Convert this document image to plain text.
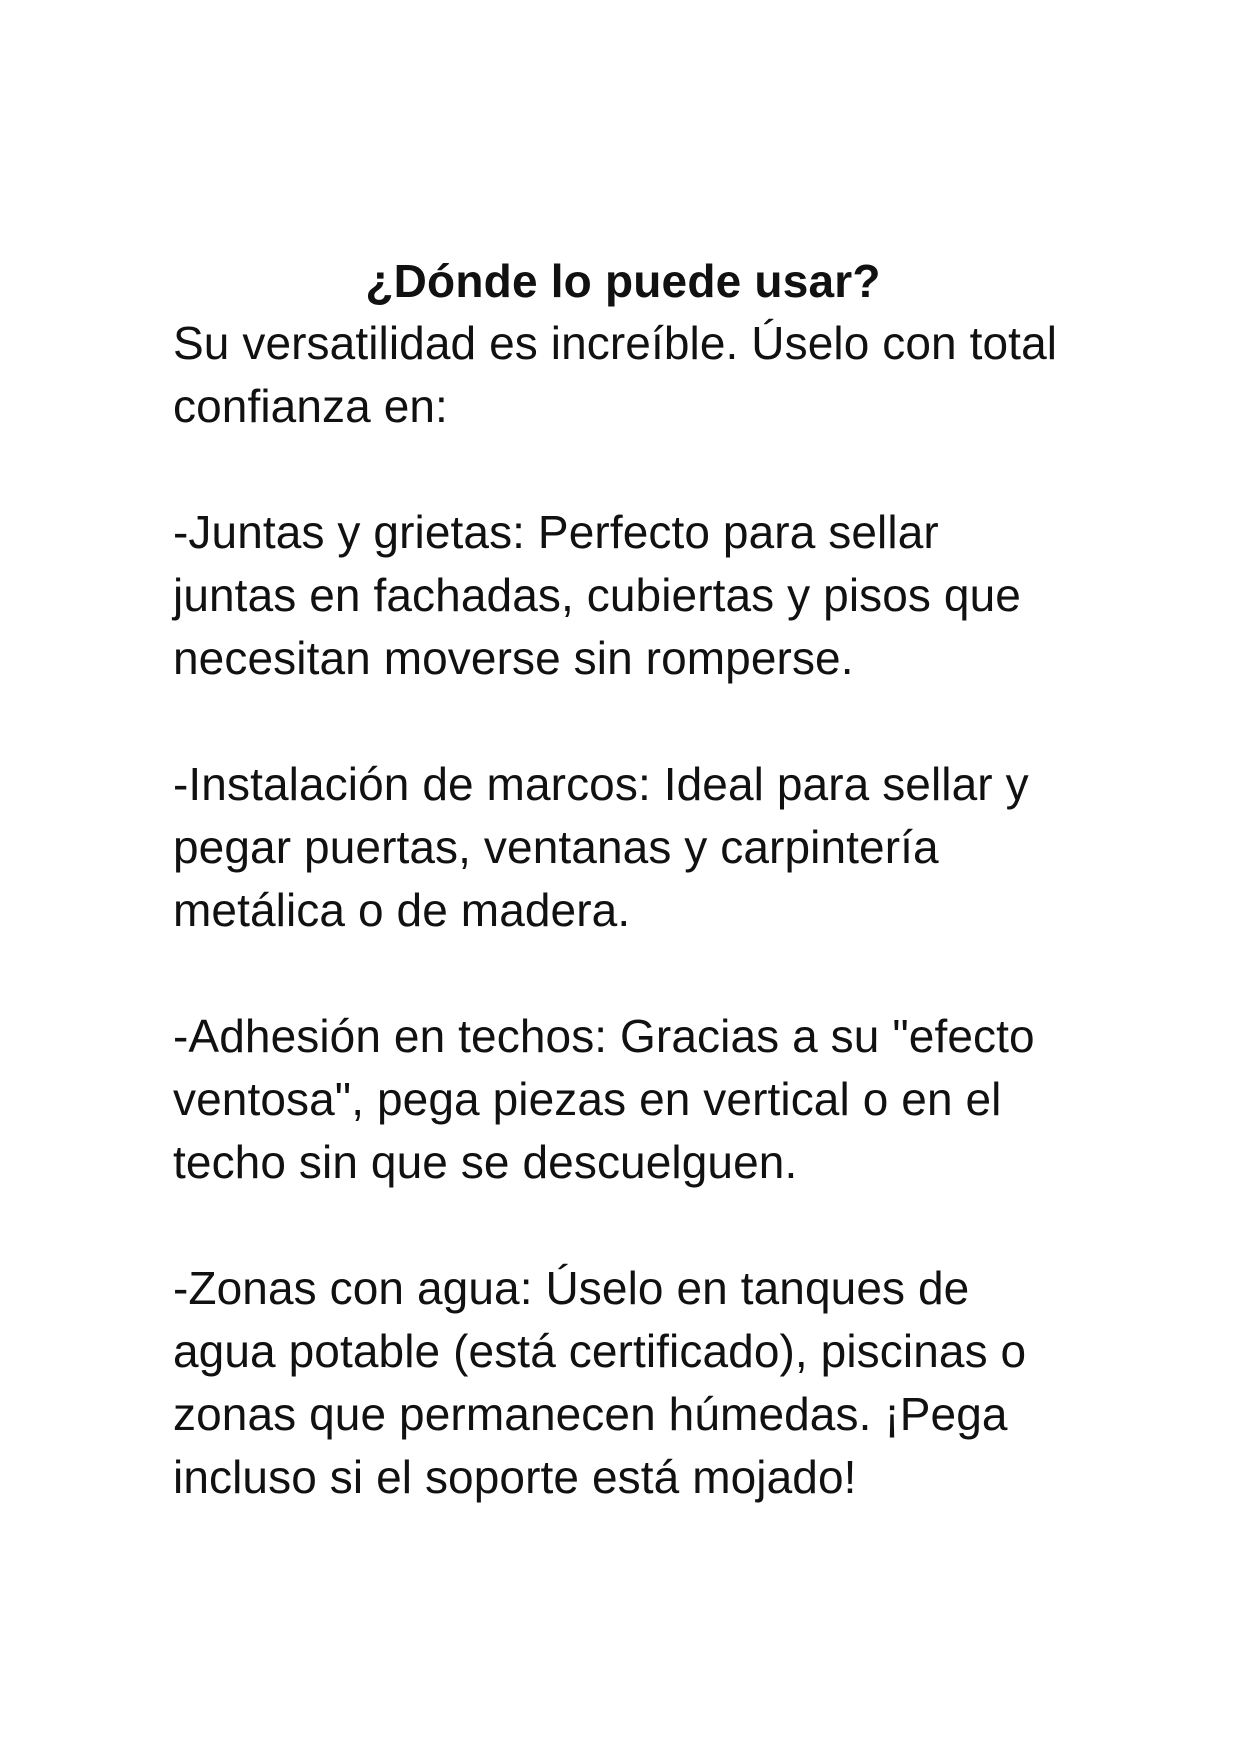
¿Dónde lo puede usar?

Su versatilidad es increíble. Úselo con total confianza en:

-Juntas y grietas: Perfecto para sellar juntas en fachadas, cubiertas y pisos que necesitan moverse sin romperse.

-Instalación de marcos: Ideal para sellar y pegar puertas, ventanas y carpintería metálica o de madera.

-Adhesión en techos: Gracias a su "efecto ventosa", pega piezas en vertical o en el techo sin que se descuelguen.

-Zonas con agua: Úselo en tanques de agua potable (está certificado), piscinas o zonas que permanecen húmedas. ¡Pega incluso si el soporte está mojado!
